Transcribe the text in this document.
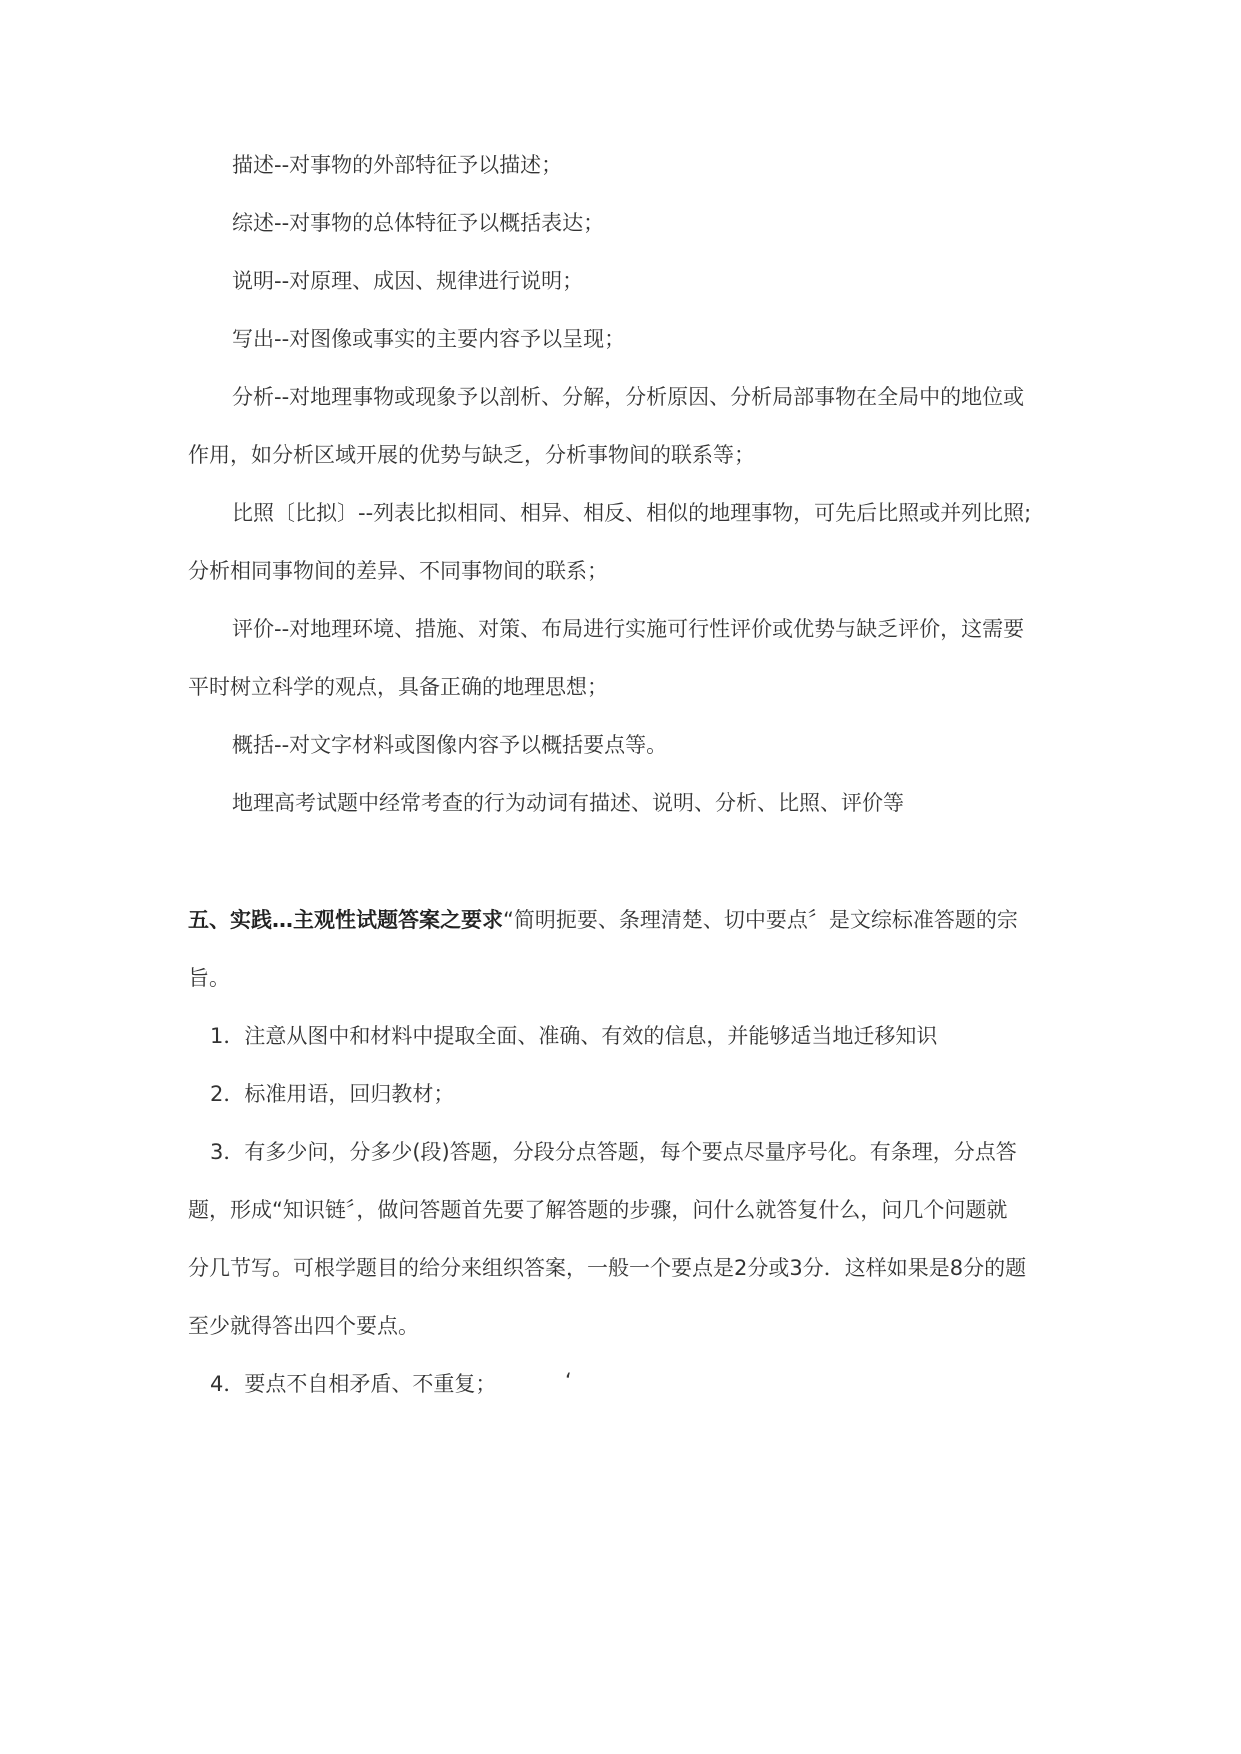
描述--对事物的外部特征予以描述；
综述--对事物的总体特征予以概括表达；
说明--对原理、成因、规律进行说明；
写出--对图像或事实的主要内容予以呈现；
分析--对地理事物或现象予以剖析、分解，分析原因、分析局部事物在全局中的地位或
作用，如分析区域开展的优势与缺乏，分析事物间的联系等；
比照〔比拟〕--列表比拟相同、相异、相反、相似的地理事物，可先后比照或并列比照;
分析相同事物间的差异、不同事物间的联系；
评价--对地理环境、措施、对策、布局进行实施可行性评价或优势与缺乏评价，这需要
平时树立科学的观点，具备正确的地理思想；
概括--对文字材料或图像内容予以概括要点等。
地理高考试题中经常考查的行为动词有描述、说明、分析、比照、评价等
五、实践…主观性试题答案之要求“简明扼要、条理清楚、切中要点〞是文综标准答题的宗
旨。
1．注意从图中和材料中提取全面、准确、有效的信息，并能够适当地迁移知识
2．标准用语，回归教材；
3．有多少问，分多少(段)答题，分段分点答题，每个要点尽量序号化。有条理，分点答
题，形成“知识链〞，做问答题首先要了解答题的步骤，问什么就答复什么，问几个问题就
分几节写。可根学题目的给分来组织答案，一般一个要点是2分或3分．这样如果是8分的题
至少就得答出四个要点。
4．要点不自相矛盾、不重复；	‘
